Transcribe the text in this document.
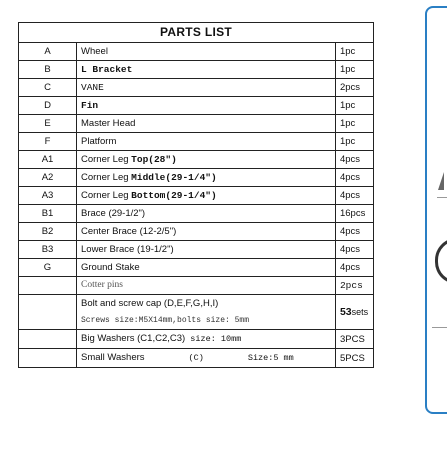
PARTS LIST		
A	Wheel	1pc
B	L Bracket	1pc
C	VANE	2pcs
D	Fin	1pc
E	Master Head	1pc
F	Platform	1pc
A1	Corner Leg Top(28")	4pcs
A2	Corner Leg Middle(29-1/4")	4pcs
A3	Corner Leg Bottom(29-1/4")	4pcs
B1	Brace (29-1/2")	16pcs
B2	Center Brace (12-2/5")	4pcs
B3	Lower Brace (19-1/2")	4pcs
G	Ground Stake	4pcs
	Cotter pins	2pcs
	Bolt and screw cap (D,E,F,G,H,I)
Screws size:M5X14mm,bolts size: 5mm	53sets
	Big Washers (C1,C2,C3) size: 10mm	3PCS
	Small Washers (C) Size:5 mm	5PCS
